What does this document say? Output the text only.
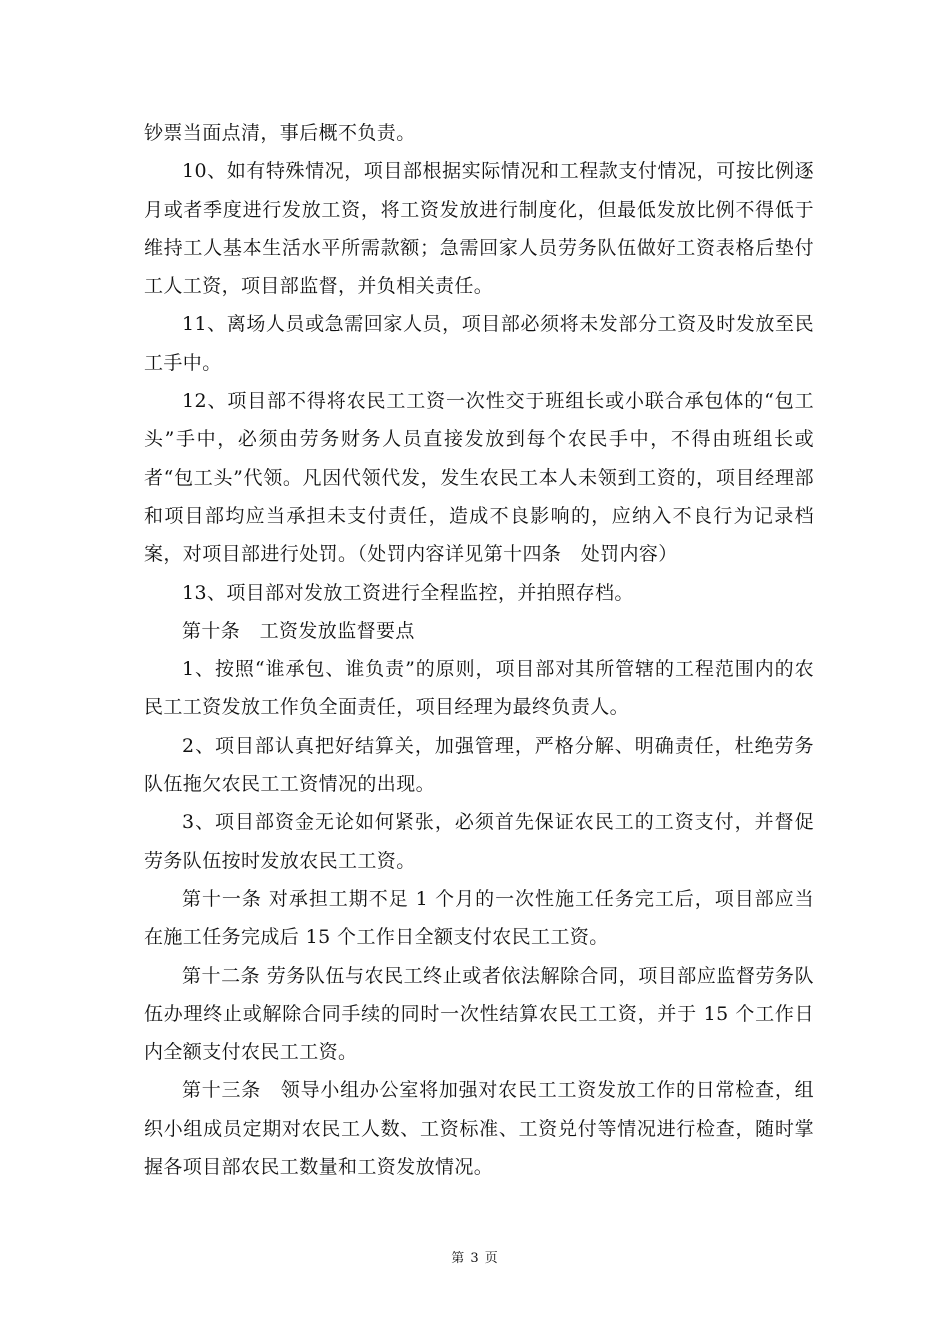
钞票当面点清，事后概不负责。

10、如有特殊情况，项目部根据实际情况和工程款支付情况，可按比例逐月或者季度进行发放工资，将工资发放进行制度化，但最低发放比例不得低于维持工人基本生活水平所需款额；急需回家人员劳务队伍做好工资表格后垫付工人工资，项目部监督，并负相关责任。

11、离场人员或急需回家人员，项目部必须将未发部分工资及时发放至民工手中。

12、项目部不得将农民工工资一次性交于班组长或小联合承包体的“包工头”手中，必须由劳务财务人员直接发放到每个农民手中，不得由班组长或者“包工头”代领。凡因代领代发，发生农民工本人未领到工资的，项目经理部和项目部均应当承担未支付责任，造成不良影响的，应纳入不良行为记录档案，对项目部进行处罚。（处罚内容详见第十四条　处罚内容）

13、项目部对发放工资进行全程监控，并拍照存档。

第十条　工资发放监督要点

1、按照“谁承包、谁负责”的原则，项目部对其所管辖的工程范围内的农民工工资发放工作负全面责任，项目经理为最终负责人。

2、项目部认真把好结算关，加强管理，严格分解、明确责任，杜绝劳务队伍拖欠农民工工资情况的出现。

3、项目部资金无论如何紧张，必须首先保证农民工的工资支付，并督促劳务队伍按时发放农民工工资。

第十一条 对承担工期不足 1 个月的一次性施工任务完工后，项目部应当在施工任务完成后 15 个工作日全额支付农民工工资。

第十二条 劳务队伍与农民工终止或者依法解除合同，项目部应监督劳务队伍办理终止或解除合同手续的同时一次性结算农民工工资，并于 15 个工作日内全额支付农民工工资。

第十三条　领导小组办公室将加强对农民工工资发放工作的日常检查，组织小组成员定期对农民工人数、工资标准、工资兑付等情况进行检查，随时掌握各项目部农民工数量和工资发放情况。

第 3 页
